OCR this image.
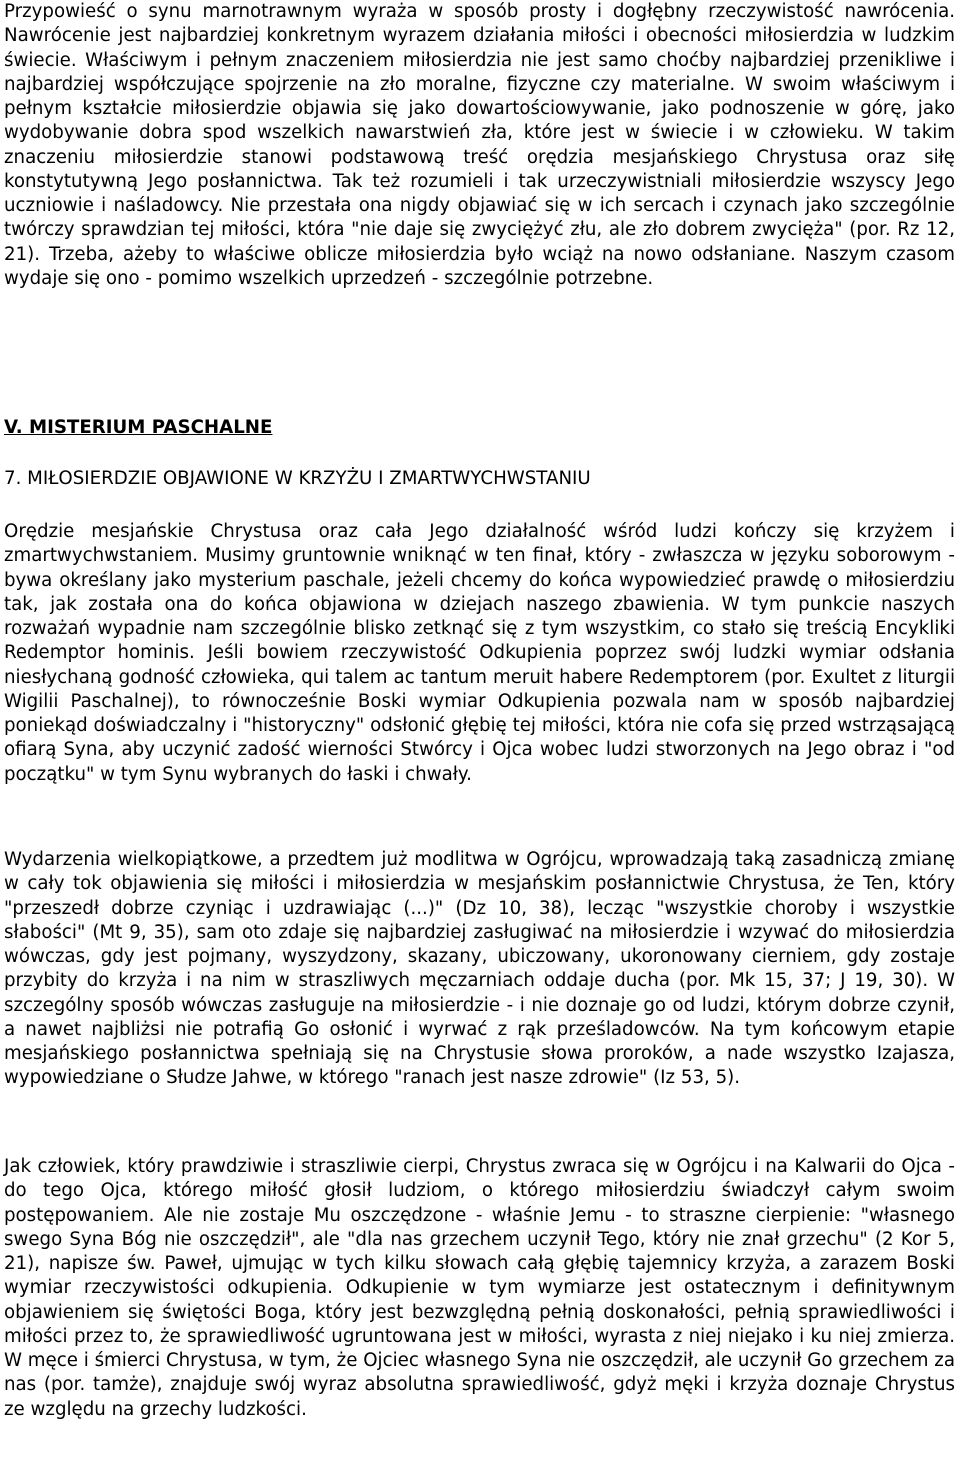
Przypowieść o synu marnotrawnym wyraża w sposób prosty i dogłębny rzeczywistość nawrócenia. Nawrócenie jest najbardziej konkretnym wyrazem działania miłości i obecności miłosierdzia w ludzkim świecie. Właściwym i pełnym znaczeniem miłosierdzia nie jest samo choćby najbardziej przenikliwe i najbardziej współczujące spojrzenie na zło moralne, fizyczne czy materialne. W swoim właściwym i pełnym kształcie miłosierdzie objawia się jako dowartościowywanie, jako podnoszenie w górę, jako wydobywanie dobra spod wszelkich nawarstwień zła, które jest w świecie i w człowieku. W takim znaczeniu miłosierdzie stanowi podstawową treść orędzia mesjańskiego Chrystusa oraz siłę konstytutywną Jego posłannictwa. Tak też rozumieli i tak urzeczywistniali miłosierdzie wszyscy Jego uczniowie i naśladowcy. Nie przestała ona nigdy objawiać się w ich sercach i czynach jako szczególnie twórczy sprawdzian tej miłości, która "nie daje się zwyciężyć złu, ale zło dobrem zwycięża" (por. Rz 12, 21). Trzeba, ażeby to właściwe oblicze miłosierdzia było wciąż na nowo odsłaniane. Naszym czasom wydaje się ono - pomimo wszelkich uprzedzeń - szczególnie potrzebne.

V. MISTERIUM PASCHALNE

7. MIŁOSIERDZIE OBJAWIONE W KRZYŻU I ZMARTWYCHWSTANIU

Orędzie mesjańskie Chrystusa oraz cała Jego działalność wśród ludzi kończy się krzyżem i zmartwychwstaniem. Musimy gruntownie wniknąć w ten finał, który - zwłaszcza w języku soborowym - bywa określany jako mysterium paschale, jeżeli chcemy do końca wypowiedzieć prawdę o miłosierdziu tak, jak została ona do końca objawiona w dziejach naszego zbawienia. W tym punkcie naszych rozważań wypadnie nam szczególnie blisko zetknąć się z tym wszystkim, co stało się treścią Encykliki Redemptor hominis. Jeśli bowiem rzeczywistość Odkupienia poprzez swój ludzki wymiar odsłania niesłychaną godność człowieka, qui talem ac tantum meruit habere Redemptorem (por. Exultet z liturgii Wigilii Paschalnej), to równocześnie Boski wymiar Odkupienia pozwala nam w sposób najbardziej poniekąd doświadczalny i "historyczny" odsłonić głębię tej miłości, która nie cofa się przed wstrząsającą ofiarą Syna, aby uczynić zadość wierności Stwórcy i Ojca wobec ludzi stworzonych na Jego obraz i "od początku" w tym Synu wybranych do łaski i chwały.

Wydarzenia wielkopiątkowe, a przedtem już modlitwa w Ogrójcu, wprowadzają taką zasadniczą zmianę w cały tok objawienia się miłości i miłosierdzia w mesjańskim posłannictwie Chrystusa, że Ten, który "przeszedł dobrze czyniąc i uzdrawiając (...)" (Dz 10, 38), lecząc "wszystkie choroby i wszystkie słabości" (Mt 9, 35), sam oto zdaje się najbardziej zasługiwać na miłosierdzie i wzywać do miłosierdzia wówczas, gdy jest pojmany, wyszydzony, skazany, ubiczowany, ukoronowany cierniem, gdy zostaje przybity do krzyża i na nim w straszliwych męczarniach oddaje ducha (por. Mk 15, 37; J 19, 30). W szczególny sposób wówczas zasługuje na miłosierdzie - i nie doznaje go od ludzi, którym dobrze czynił, a nawet najbliżsi nie potrafią Go osłonić i wyrwać z rąk prześladowców. Na tym końcowym etapie mesjańskiego posłannictwa spełniają się na Chrystusie słowa proroków, a nade wszystko Izajasza, wypowiedziane o Słudze Jahwe, w którego "ranach jest nasze zdrowie" (Iz 53, 5).

Jak człowiek, który prawdziwie i straszliwie cierpi, Chrystus zwraca się w Ogrójcu i na Kalwarii do Ojca - do tego Ojca, którego miłość głosił ludziom, o którego miłosierdziu świadczył całym swoim postępowaniem. Ale nie zostaje Mu oszczędzone - właśnie Jemu - to straszne cierpienie: "własnego swego Syna Bóg nie oszczędził", ale "dla nas grzechem uczynił Tego, który nie znał grzechu" (2 Kor 5, 21), napisze św. Paweł, ujmując w tych kilku słowach całą głębię tajemnicy krzyża, a zarazem Boski wymiar rzeczywistości odkupienia. Odkupienie w tym wymiarze jest ostatecznym i definitywnym objawieniem się świętości Boga, który jest bezwzględną pełnią doskonałości, pełnią sprawiedliwości i miłości przez to, że sprawiedliwość ugruntowana jest w miłości, wyrasta z niej niejako i ku niej zmierza. W męce i śmierci Chrystusa, w tym, że Ojciec własnego Syna nie oszczędził, ale uczynił Go grzechem za nas (por. tamże), znajduje swój wyraz absolutna sprawiedliwość, gdyż męki i krzyża doznaje Chrystus ze względu na grzechy ludzkości.
